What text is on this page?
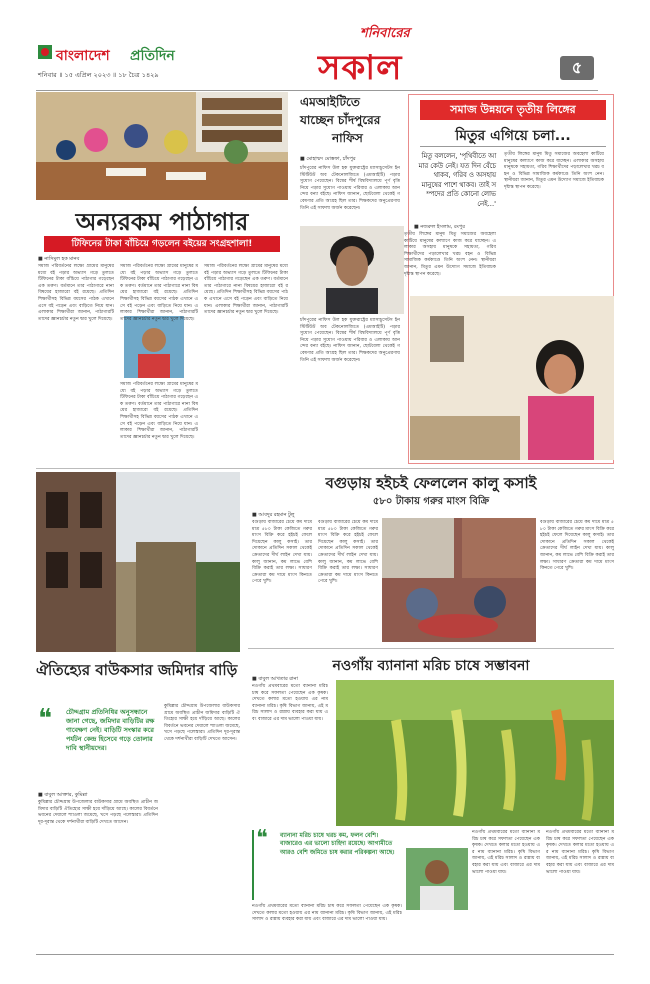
বাংলাদেশ প্রতিদিন
শনিবার ॥ ১৫ এপ্রিল ২০২৩ ॥ ১৮ চৈত্র ১৪২৯
শনিবারের
সকাল	৫
অন্যরকম পাঠাগার
টিফিনের টাকা বাঁচিয়ে গড়লেন বইয়ের সংগ্রহশালা!
■ নাসিমুল হক মানব
সমাজ পরিবর্তনের লক্ষ্যে গ্রামের মানুষের মধ্যে বই পড়ার অভ্যাস গড়ে তুলতে টিফিনের টাকা বাঁচিয়ে পাঠাগার গড়েছেন এক তরুণ। বর্তমানে তার পাঠাগারে নানা বিষয়ের হাজারো বই রয়েছে। প্রতিদিন শিক্ষার্থীসহ বিভিন্ন বয়সের পাঠক এখানে এসে বই পড়েন এবং বাড়িতে নিয়ে যান। এলাকার শিক্ষার্থীরা জানান, পাঠাগারটি তাদের জ্ঞানচর্চার নতুন দ্বার খুলে দিয়েছে।
সমাজ পরিবর্তনের লক্ষ্যে গ্রামের মানুষের মধ্যে বই পড়ার অভ্যাস গড়ে তুলতে টিফিনের টাকা বাঁচিয়ে পাঠাগার গড়েছেন এক তরুণ। বর্তমানে তার পাঠাগারে নানা বিষয়ের হাজারো বই রয়েছে। প্রতিদিন শিক্ষার্থীসহ বিভিন্ন বয়সের পাঠক এখানে এসে বই পড়েন এবং বাড়িতে নিয়ে যান। এলাকার শিক্ষার্থীরা জানান, পাঠাগারটি তাদের জ্ঞানচর্চার নতুন দ্বার খুলে দিয়েছে।
সমাজ পরিবর্তনের লক্ষ্যে গ্রামের মানুষের মধ্যে বই পড়ার অভ্যাস গড়ে তুলতে টিফিনের টাকা বাঁচিয়ে পাঠাগার গড়েছেন এক তরুণ। বর্তমানে তার পাঠাগারে নানা বিষয়ের হাজারো বই রয়েছে। প্রতিদিন শিক্ষার্থীসহ বিভিন্ন বয়সের পাঠক এখানে এসে বই পড়েন এবং বাড়িতে নিয়ে যান। এলাকার শিক্ষার্থীরা জানান, পাঠাগারটি তাদের জ্ঞানচর্চার নতুন দ্বার খুলে দিয়েছে।
সমাজ পরিবর্তনের লক্ষ্যে গ্রামের মানুষের মধ্যে বই পড়ার অভ্যাস গড়ে তুলতে টিফিনের টাকা বাঁচিয়ে পাঠাগার গড়েছেন এক তরুণ। বর্তমানে তার পাঠাগারে নানা বিষয়ের হাজারো বই রয়েছে। প্রতিদিন শিক্ষার্থীসহ বিভিন্ন বয়সের পাঠক এখানে এসে বই পড়েন এবং বাড়িতে নিয়ে যান। এলাকার শিক্ষার্থীরা জানান, পাঠাগারটি তাদের জ্ঞানচর্চার নতুন দ্বার খুলে দিয়েছে।
এমআইটিতে
যাচ্ছেন চাঁদপুরের
নাফিস
■ মোহাম্মদ মোস্তফা, চাঁদপুর
চাঁদপুরের নাফিস উল হক যুক্তরাষ্ট্রের ম্যাসাচুসেটস ইনস্টিটিউট অব টেকনোলজিতে (এমআইটি) পড়ার সুযোগ পেয়েছেন। বিশ্বের শীর্ষ বিশ্ববিদ্যালয়ে পূর্ণ বৃত্তি নিয়ে পড়ার সুযোগ পাওয়ায় পরিবার ও এলাকায় আনন্দের বন্যা বইছে। নাফিস জানান, ছোটবেলা থেকেই গবেষণার প্রতি আগ্রহ ছিল তার। শিক্ষকদের অনুপ্রেরণায় তিনি এই সাফল্য অর্জন করেছেন।
চাঁদপুরের নাফিস উল হক যুক্তরাষ্ট্রের ম্যাসাচুসেটস ইনস্টিটিউট অব টেকনোলজিতে (এমআইটি) পড়ার সুযোগ পেয়েছেন। বিশ্বের শীর্ষ বিশ্ববিদ্যালয়ে পূর্ণ বৃত্তি নিয়ে পড়ার সুযোগ পাওয়ায় পরিবার ও এলাকায় আনন্দের বন্যা বইছে। নাফিস জানান, ছোটবেলা থেকেই গবেষণার প্রতি আগ্রহ ছিল তার। শিক্ষকদের অনুপ্রেরণায় তিনি এই সাফল্য অর্জন করেছেন।
সমাজ উন্নয়নে তৃতীয় লিঙ্গের
মিতুর এগিয়ে চলা...
মিতু বললেন, 'পৃথিবীতে আমার কেউ নেই। যত দিন বেঁচে থাকব, গরিব ও অসহায় মানুষের পাশে থাকব। তাই সম্পদের প্রতি কোনো লোভ নেই...'
■ নজরুল ইসলাম, রংপুর
তৃতীয় লিঙ্গের মানুষ মিতু সমাজের অবহেলা কাটিয়ে মানুষের কল্যাণে কাজ করে যাচ্ছেন। এলাকার অসহায় মানুষকে সহায়তা, গরিব শিক্ষার্থীদের পড়ালেখার খরচ বহন ও বিভিন্ন সামাজিক কর্মকাণ্ডে তিনি অংশ নেন। স্থানীয়রা জানান, মিতুর এমন উদ্যোগ সমাজে ইতিবাচক দৃষ্টান্ত স্থাপন করেছে।
তৃতীয় লিঙ্গের মানুষ মিতু সমাজের অবহেলা কাটিয়ে মানুষের কল্যাণে কাজ করে যাচ্ছেন। এলাকার অসহায় মানুষকে সহায়তা, গরিব শিক্ষার্থীদের পড়ালেখার খরচ বহন ও বিভিন্ন সামাজিক কর্মকাণ্ডে তিনি অংশ নেন। স্থানীয়রা জানান, মিতুর এমন উদ্যোগ সমাজে ইতিবাচক দৃষ্টান্ত স্থাপন করেছে।
বগুড়ায় হইচই ফেললেন কালু কসাই
৫৮০ টাকায় গরুর মাংস বিক্রি
■ আবদুর রহমান টুলু
বগুড়ায় বাজারের চেয়ে কম দামে মাত্র ৫৮০ টাকা কেজিতে গরুর মাংস বিক্রি করে হইচই ফেলে দিয়েছেন কালু কসাই। তার দোকানে প্রতিদিন সকাল থেকেই ক্রেতাদের দীর্ঘ লাইন দেখা যায়। কালু জানান, কম লাভে বেশি বিক্রি করাই তার লক্ষ্য। সাধারণ ক্রেতারা কম দামে মাংস কিনতে পেরে খুশি।
বগুড়ায় বাজারের চেয়ে কম দামে মাত্র ৫৮০ টাকা কেজিতে গরুর মাংস বিক্রি করে হইচই ফেলে দিয়েছেন কালু কসাই। তার দোকানে প্রতিদিন সকাল থেকেই ক্রেতাদের দীর্ঘ লাইন দেখা যায়। কালু জানান, কম লাভে বেশি বিক্রি করাই তার লক্ষ্য। সাধারণ ক্রেতারা কম দামে মাংস কিনতে পেরে খুশি।
বগুড়ায় বাজারের চেয়ে কম দামে মাত্র ৫৮০ টাকা কেজিতে গরুর মাংস বিক্রি করে হইচই ফেলে দিয়েছেন কালু কসাই। তার দোকানে প্রতিদিন সকাল থেকেই ক্রেতাদের দীর্ঘ লাইন দেখা যায়। কালু জানান, কম লাভে বেশি বিক্রি করাই তার লক্ষ্য। সাধারণ ক্রেতারা কম দামে মাংস কিনতে পেরে খুশি।
ঐতিহ্যের বাউকসার জমিদার বাড়ি
❝ চৌদ্দগ্রাম প্রতিনিধির অনুসন্ধানে জানা গেছে, জমিদার বাড়িটির রক্ষণাবেক্ষণ নেই। বাড়িটি সংস্কার করে পর্যটন কেন্দ্র হিসেবে গড়ে তোলার দাবি স্থানীয়দের।
■ বাবুল আক্তার, কুমিল্লা
কুমিল্লার চৌদ্দগ্রাম উপজেলার বাউকসার গ্রামে অবস্থিত প্রাচীন জমিদার বাড়িটি ঐতিহ্যের সাক্ষী হয়ে দাঁড়িয়ে আছে। কালের বিবর্তনে ভবনের দেয়ালে শ্যাওলা জমেছে, খসে পড়ছে পলেস্তারা। প্রতিদিন দূর-দূরান্ত থেকে দর্শনার্থীরা বাড়িটি দেখতে আসেন।
কুমিল্লার চৌদ্দগ্রাম উপজেলার বাউকসার গ্রামে অবস্থিত প্রাচীন জমিদার বাড়িটি ঐতিহ্যের সাক্ষী হয়ে দাঁড়িয়ে আছে। কালের বিবর্তনে ভবনের দেয়ালে শ্যাওলা জমেছে, খসে পড়ছে পলেস্তারা। প্রতিদিন দূর-দূরান্ত থেকে দর্শনার্থীরা বাড়িটি দেখতে আসেন।
নওগাঁয় ব্যানানা মরিচ চাষে সম্ভাবনা
■ বাবুল আখতার রানা
নওগাঁয় প্রথমবারের মতো ব্যানানা মরিচ চাষ করে সফলতা পেয়েছেন এক কৃষক। দেখতে কলার মতো হওয়ায় এর নাম ব্যানানা মরিচ। কৃষি বিভাগ জানায়, এই মরিচ সালাদ ও রান্নায় ব্যবহার করা যায় এবং বাজারে এর দাম ভালো পাওয়া যায়।
❝ ব্যানানা মরিচ চাষে খরচ কম, ফলন বেশি। বাজারেও এর ভালো চাহিদা রয়েছে। আগামীতে আরও বেশি জমিতে চাষ করার পরিকল্পনা আছে।
নওগাঁয় প্রথমবারের মতো ব্যানানা মরিচ চাষ করে সফলতা পেয়েছেন এক কৃষক। দেখতে কলার মতো হওয়ায় এর নাম ব্যানানা মরিচ। কৃষি বিভাগ জানায়, এই মরিচ সালাদ ও রান্নায় ব্যবহার করা যায় এবং বাজারে এর দাম ভালো পাওয়া যায়।
নওগাঁয় প্রথমবারের মতো ব্যানানা মরিচ চাষ করে সফলতা পেয়েছেন এক কৃষক। দেখতে কলার মতো হওয়ায় এর নাম ব্যানানা মরিচ। কৃষি বিভাগ জানায়, এই মরিচ সালাদ ও রান্নায় ব্যবহার করা যায় এবং বাজারে এর দাম ভালো পাওয়া যায়।
নওগাঁয় প্রথমবারের মতো ব্যানানা মরিচ চাষ করে সফলতা পেয়েছেন এক কৃষক। দেখতে কলার মতো হওয়ায় এর নাম ব্যানানা মরিচ। কৃষি বিভাগ জানায়, এই মরিচ সালাদ ও রান্নায় ব্যবহার করা যায় এবং বাজারে এর দাম ভালো পাওয়া যায়।
